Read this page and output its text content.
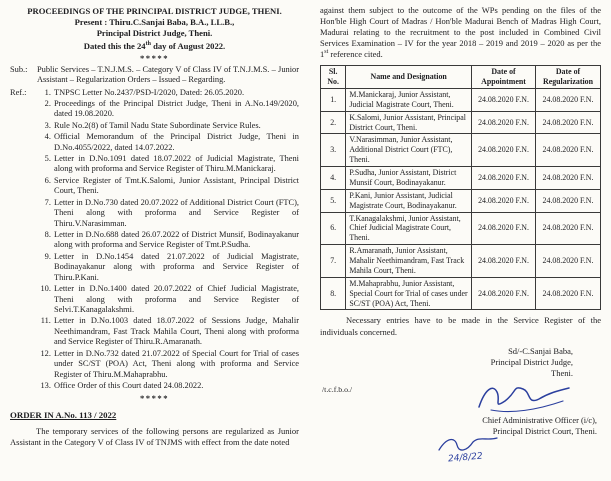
PROCEEDINGS OF THE PRINCIPAL DISTRICT JUDGE, THENI.
Present : Thiru.C.Sanjai Baba, B.A., LL.B.,
Principal District Judge, Theni.
Dated this the 24th day of August 2022.
*****
Sub.:	Public Services – T.N.J.M.S. – Category V of Class IV of T.N.J.M.S. – Junior Assistant – Regularization Orders – Issued – Regarding.
Ref.:	1. TNPSC Letter No.2437/PSD-I/2020, Dated: 26.05.2020.
2. Proceedings of the Principal District Judge, Theni in A.No.149/2020, dated 19.08.2020.
3. Rule No.2(8) of Tamil Nadu State Subordinate Service Rules.
4. Official Memorandum of the Principal District Judge, Theni in D.No.4055/2022, dated 14.07.2022.
5. Letter in D.No.1091 dated 18.07.2022 of Judicial Magistrate, Theni along with proforma and Service Register of Thiru.M.Manickaraj.
6. Service Register of Tmt.K.Salomi, Junior Assistant, Principal District Court, Theni.
7. Letter in D.No.730 dated 20.07.2022 of Additional District Court (FTC), Theni along with proforma and Service Register of Thiru.V.Narasimman.
8. Letter in D.No.688 dated 26.07.2022 of District Munsif, Bodinayakanur along with proforma and Service Register of Tmt.P.Sudha.
9. Letter in D.No.1454 dated 21.07.2022 of Judicial Magistrate, Bodinayakanur along with proforma and Service Register of Thiru.P.Kani.
10. Letter in D.No.1400 dated 20.07.2022 of Chief Judicial Magistrate, Theni along with proforma and Service Register of Selvi.T.Kanagalakshmi.
11. Letter in D.No.1003 dated 18.07.2022 of Sessions Judge, Mahalir Neethimandram, Fast Track Mahila Court, Theni along with proforma and Service Register of Thiru.R.Amaranath.
12. Letter in D.No.732 dated 21.07.2022 of Special Court for Trial of cases under SC/ST (POA) Act, Theni along with proforma and Service Register of Thiru.M.Mahaprabhu.
13. Office Order of this Court dated 24.08.2022.
*****
ORDER IN A.No. 113 / 2022
The temporary services of the following persons are regularized as Junior Assistant in the Category V of Class IV of TNJMS with effect from the date noted
against them subject to the outcome of the WPs pending on the files of the Hon'ble High Court of Madras / Hon'ble Madurai Bench of Madras High Court, Madurai relating to the recruitment to the post included in Combined Civil Services Examination – IV for the year 2018 – 2019 and 2019 – 2020 as per the 1st reference cited.
Sl. No.	Name and Designation	Date of Appointment	Date of Regularization
1.	M.Manickaraj, Junior Assistant, Judicial Magistrate Court, Theni.	24.08.2020 F.N.	24.08.2020 F.N.
2.	K.Salomi, Junior Assistant, Principal District Court, Theni.	24.08.2020 F.N.	24.08.2020 F.N.
3.	V.Narasimman, Junior Assistant, Additional District Court (FTC), Theni.	24.08.2020 F.N.	24.08.2020 F.N.
4.	P.Sudha, Junior Assistant, District Munsif Court, Bodinayakanur.	24.08.2020 F.N.	24.08.2020 F.N.
5.	P.Kani, Junior Assistant, Judicial Magistrate Court, Bodinayakanur.	24.08.2020 F.N.	24.08.2020 F.N.
6.	T.Kanagalakshmi, Junior Assistant, Chief Judicial Magistrate Court, Theni.	24.08.2020 F.N.	24.08.2020 F.N.
7.	R.Amaranath, Junior Assistant, Mahalir Neethimandram, Fast Track Mahila Court, Theni.	24.08.2020 F.N.	24.08.2020 F.N.
8.	M.Mahaprabhu, Junior Assistant, Special Court for Trial of cases under SC/ST (POA) Act, Theni.	24.08.2020 F.N.	24.08.2020 F.N.
Necessary entries have to be made in the Service Register of the individuals concerned.
Sd/-C.Sanjai Baba,
Principal District Judge,
Theni.
/t.c.f.b.o./
Chief Administrative Officer (i/c),
Principal District Court, Theni.
24/8/22
